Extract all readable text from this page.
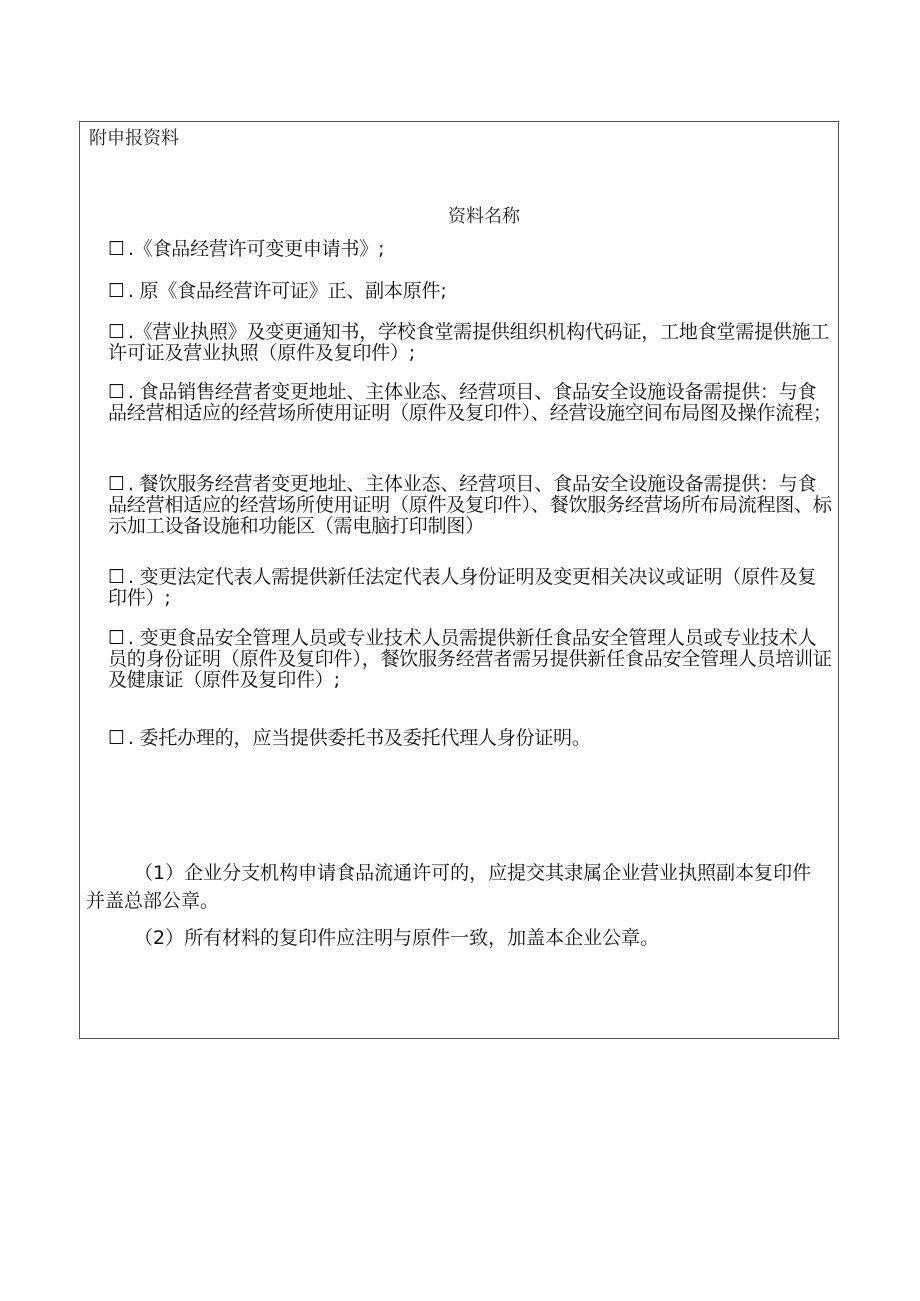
附申报资料
资料名称

☐ .《食品经营许可变更申请书》;

☐ . 原《食品经营许可证》正、副本原件;

☐ .《营业执照》及变更通知书，学校食堂需提供组织机构代码证，工地食堂需提供施工许可证及营业执照（原件及复印件）;

☐ . 食品销售经营者变更地址、主体业态、经营项目、食品安全设施设备需提供：与食品经营相适应的经营场所使用证明（原件及复印件）、经营设施空间布局图及操作流程；

☐ . 餐饮服务经营者变更地址、主体业态、经营项目、食品安全设施设备需提供：与食品经营相适应的经营场所使用证明（原件及复印件）、餐饮服务经营场所布局流程图、标示加工设备设施和功能区（需电脑打印制图）

☐ . 变更法定代表人需提供新任法定代表人身份证明及变更相关决议或证明（原件及复印件）;

☐ . 变更食品安全管理人员或专业技术人员需提供新任食品安全管理人员或专业技术人员的身份证明（原件及复印件），餐饮服务经营者需另提供新任食品安全管理人员培训证及健康证（原件及复印件）;

☐ . 委托办理的，应当提供委托书及委托代理人身份证明。

（1）企业分支机构申请食品流通许可的，应提交其隶属企业营业执照副本复印件并盖总部公章。

（2）所有材料的复印件应注明与原件一致，加盖本企业公章。
